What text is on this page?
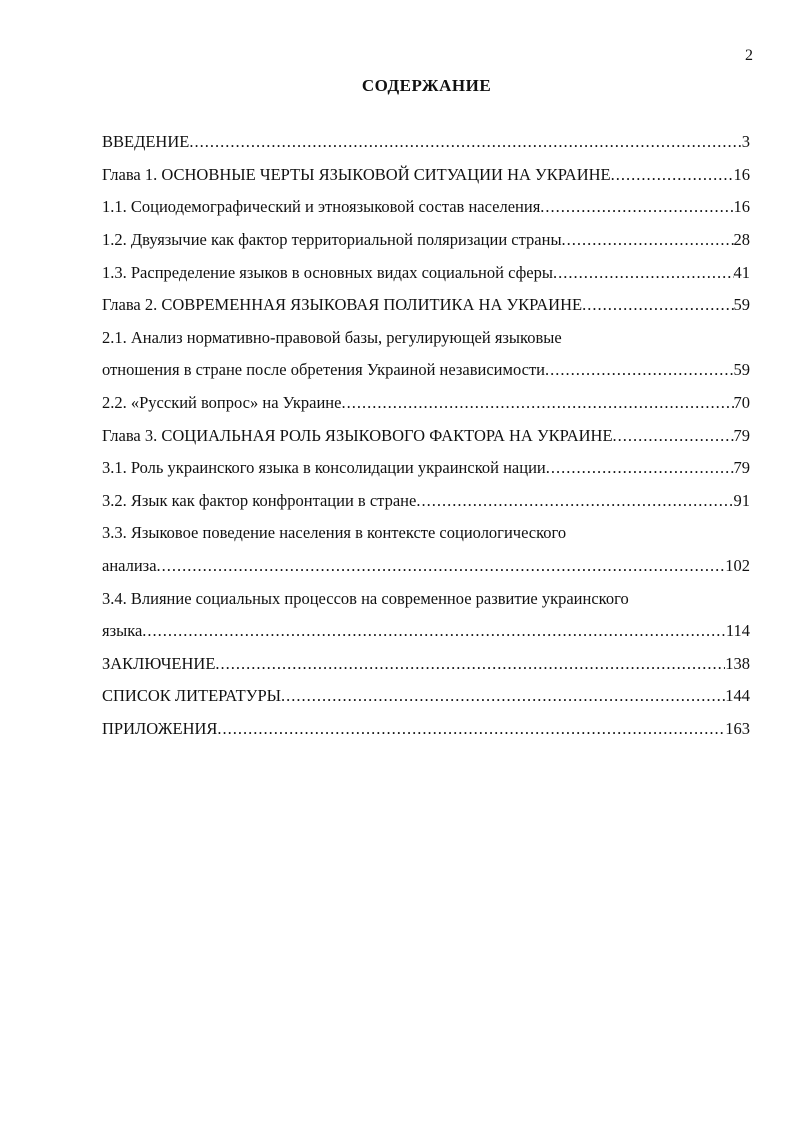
2
СОДЕРЖАНИЕ
ВВЕДЕНИЕ .....	3
Глава 1. ОСНОВНЫЕ ЧЕРТЫ ЯЗЫКОВОЙ СИТУАЦИИ НА УКРАИНЕ .....	16
1.1. Социодемографический и этноязыковой состав населения .....	16
1.2. Двуязычие как фактор территориальной поляризации страны .....	28
1.3. Распределение языков в основных видах социальной сферы .....	41
Глава 2. СОВРЕМЕННАЯ ЯЗЫКОВАЯ ПОЛИТИКА НА УКРАИНЕ .....	59
2.1. Анализ нормативно-правовой базы, регулирующей языковые
отношения в стране после обретения Украиной независимости .....	59
2.2. «Русский вопрос» на Украине .....	70
Глава 3. СОЦИАЛЬНАЯ РОЛЬ ЯЗЫКОВОГО ФАКТОРА НА УКРАИНЕ .....	79
3.1. Роль украинского языка в консолидации украинской нации .....	79
3.2. Язык как фактор конфронтации в стране .....	91
3.3. Языковое поведение населения в контексте социологического
анализа .....	102
3.4. Влияние социальных процессов на современное развитие украинского
языка .....	114
ЗАКЛЮЧЕНИЕ .....	138
СПИСОК ЛИТЕРАТУРЫ .....	144
ПРИЛОЖЕНИЯ .....	163
